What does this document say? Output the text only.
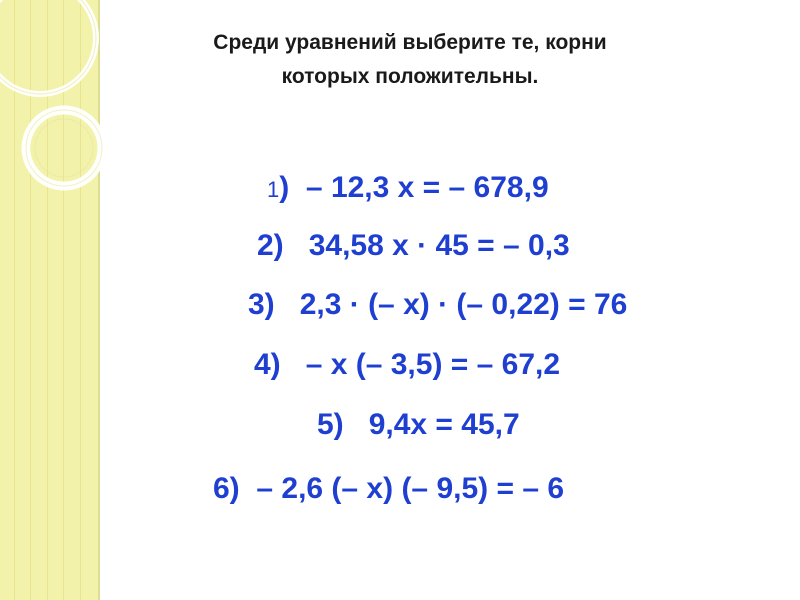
Среди уравнений выберите те, корни
которых положительны.
1) – 12,3 х = – 678,9
2) 34,58 х · 45 = – 0,3
3) 2,3 · (– х) · (– 0,22) = 76
4) – х (– 3,5) = – 67,2
5) 9,4х = 45,7
6) – 2,6 (– х) (– 9,5) = – 6
